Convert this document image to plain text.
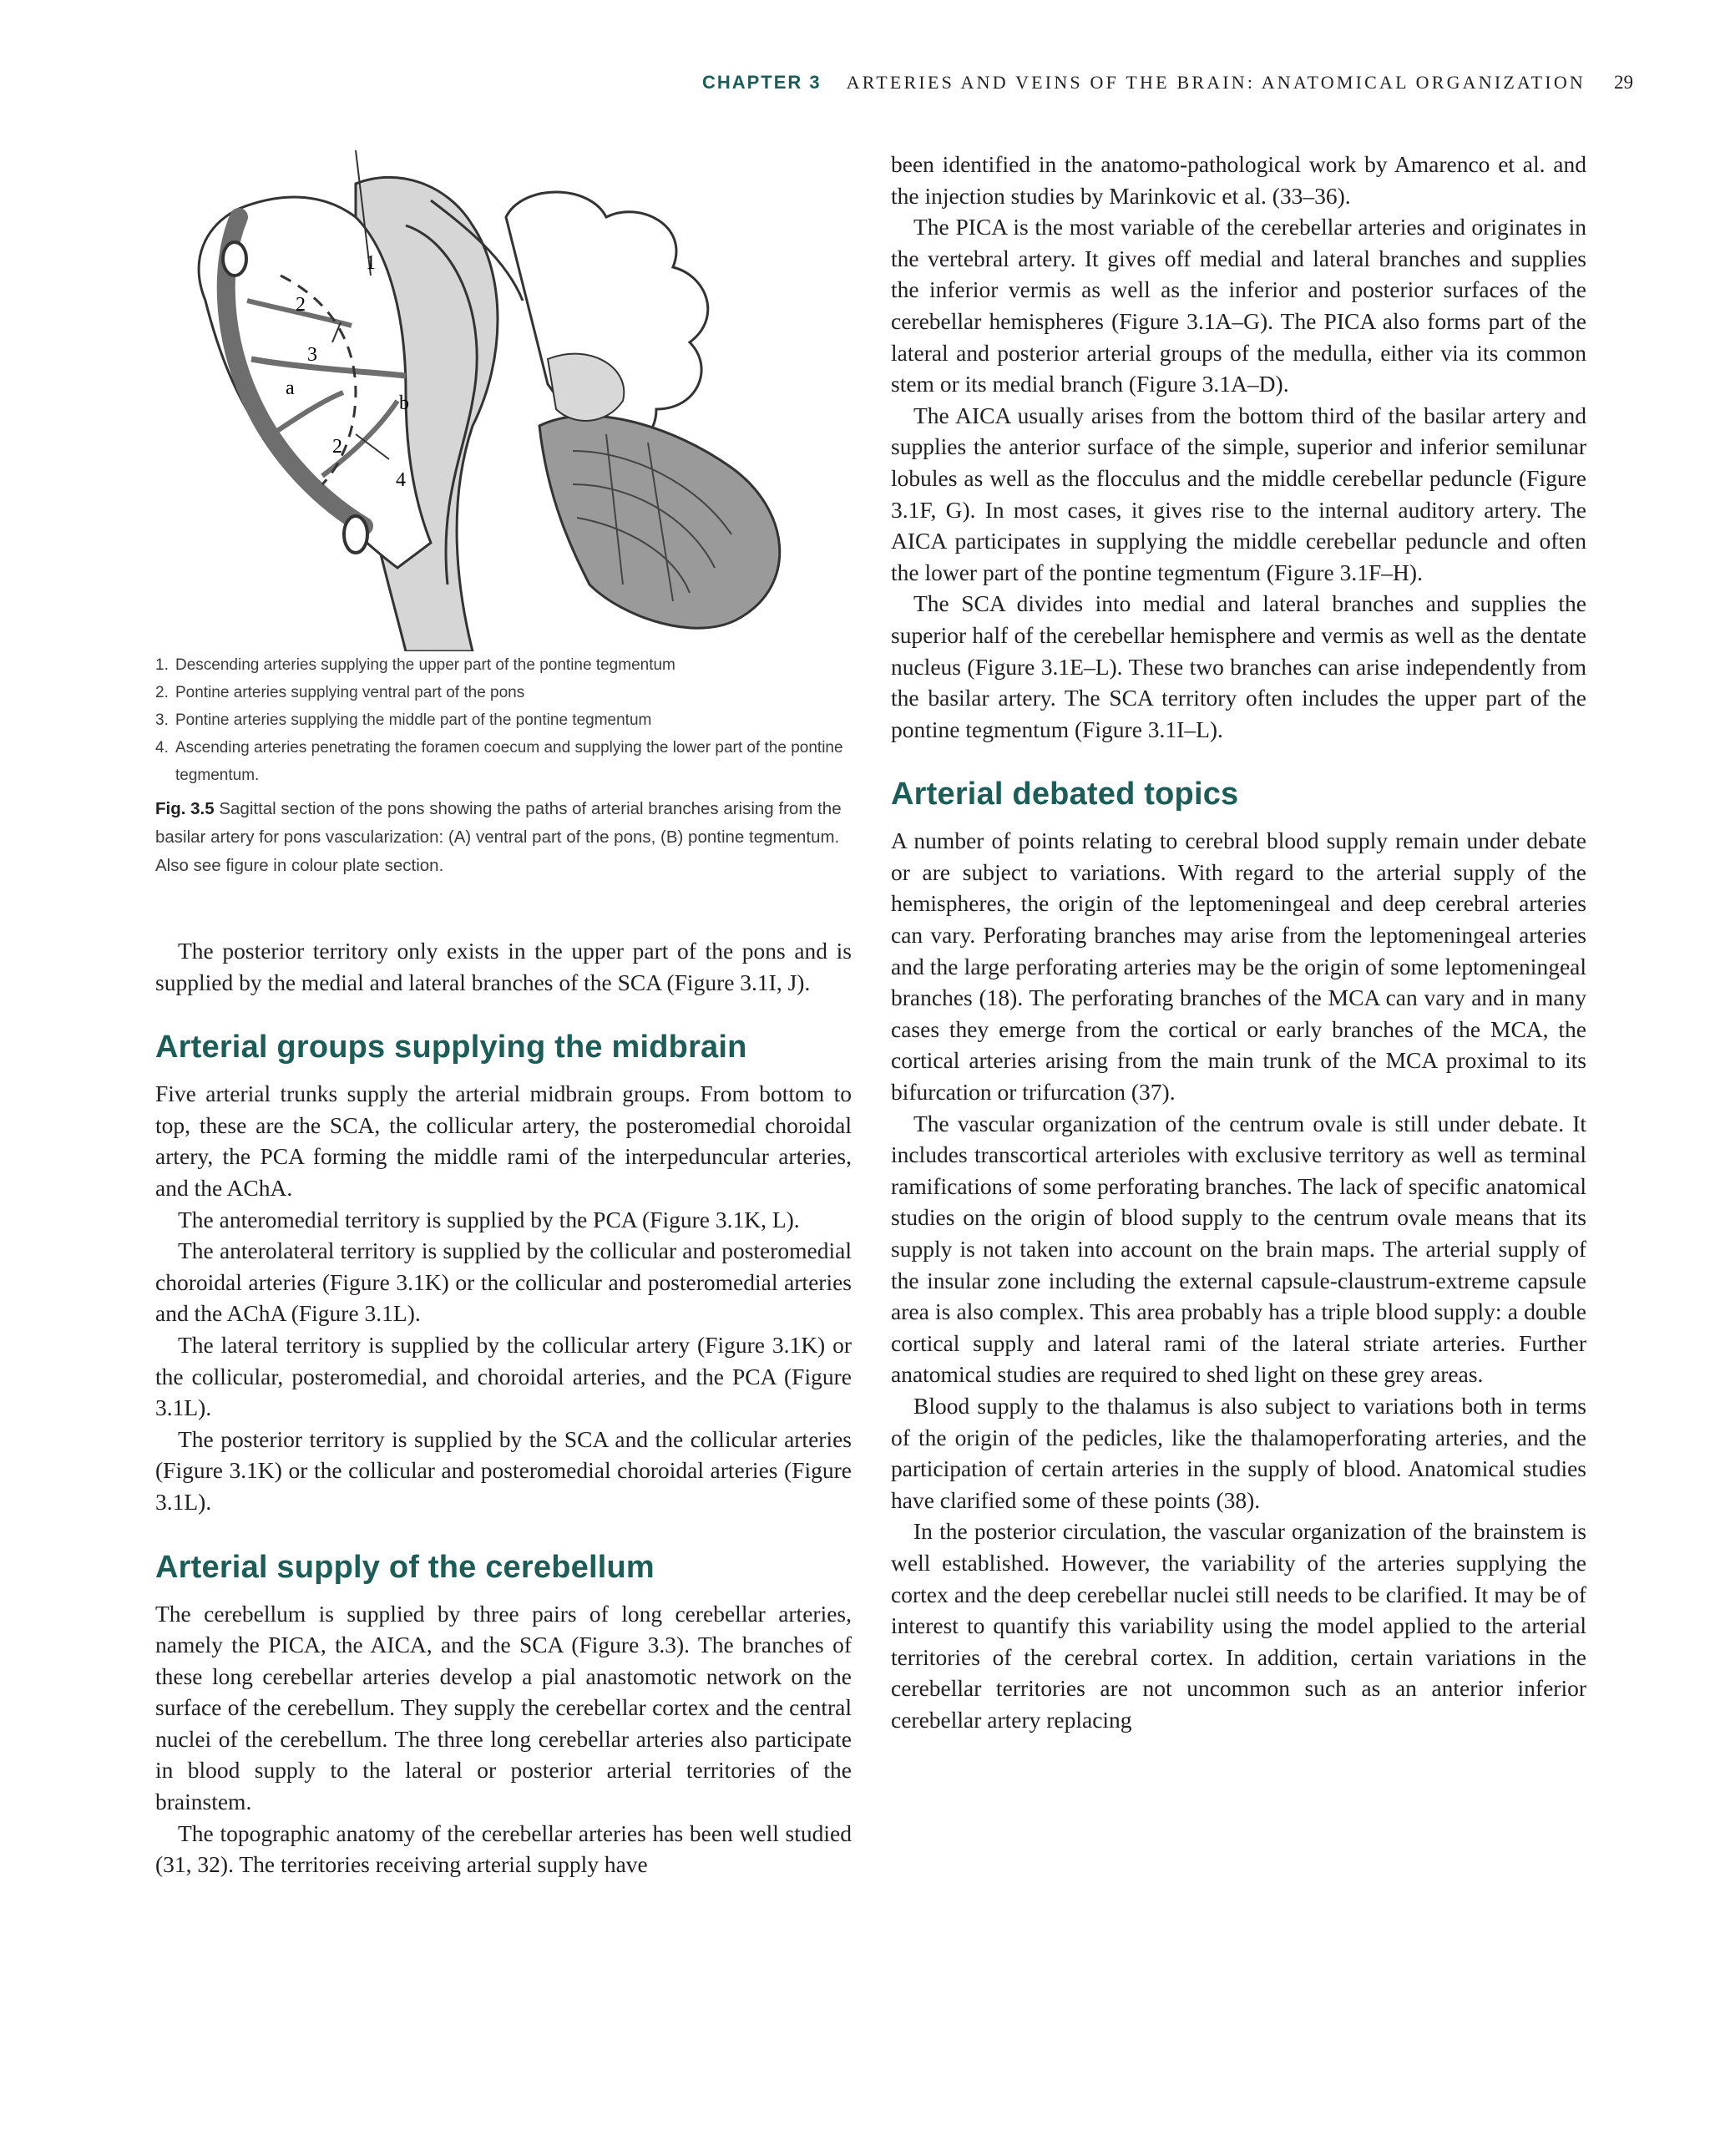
CHAPTER 3 ARTERIES AND VEINS OF THE BRAIN: ANATOMICAL ORGANIZATION 29
1
2
3
a
b
2
4
1. Descending arteries supplying the upper part of the pontine tegmentum
2. Pontine arteries supplying ventral part of the pons
3. Pontine arteries supplying the middle part of the pontine tegmentum
4. Ascending arteries penetrating the foramen coecum and supplying the lower part of the pontine tegmentum.
Fig. 3.5 Sagittal section of the pons showing the paths of arterial branches arising from the basilar artery for pons vascularization: (A) ventral part of the pons, (B) pontine tegmentum. Also see figure in colour plate section.

The posterior territory only exists in the upper part of the pons and is supplied by the medial and lateral branches of the SCA (Figure 3.1I, J).

Arterial groups supplying the midbrain

Five arterial trunks supply the arterial midbrain groups. From bottom to top, these are the SCA, the collicular artery, the posteromedial choroidal artery, the PCA forming the middle rami of the interpeduncular arteries, and the AChA.

The anteromedial territory is supplied by the PCA (Figure 3.1K, L).

The anterolateral territory is supplied by the collicular and posteromedial choroidal arteries (Figure 3.1K) or the collicular and posteromedial arteries and the AChA (Figure 3.1L).

The lateral territory is supplied by the collicular artery (Figure 3.1K) or the collicular, posteromedial, and choroidal arteries, and the PCA (Figure 3.1L).

The posterior territory is supplied by the SCA and the collicular arteries (Figure 3.1K) or the collicular and posteromedial choroidal arteries (Figure 3.1L).

Arterial supply of the cerebellum

The cerebellum is supplied by three pairs of long cerebellar arteries, namely the PICA, the AICA, and the SCA (Figure 3.3). The branches of these long cerebellar arteries develop a pial anastomotic network on the surface of the cerebellum. They supply the cerebellar cortex and the central nuclei of the cerebellum. The three long cerebellar arteries also participate in blood supply to the lateral or posterior arterial territories of the brainstem.

The topographic anatomy of the cerebellar arteries has been well studied (31, 32). The territories receiving arterial supply have

been identified in the anatomo-pathological work by Amarenco et al. and the injection studies by Marinkovic et al. (33–36).

The PICA is the most variable of the cerebellar arteries and originates in the vertebral artery. It gives off medial and lateral branches and supplies the inferior vermis as well as the inferior and posterior surfaces of the cerebellar hemispheres (Figure 3.1A–G). The PICA also forms part of the lateral and posterior arterial groups of the medulla, either via its common stem or its medial branch (Figure 3.1A–D).

The AICA usually arises from the bottom third of the basilar artery and supplies the anterior surface of the simple, superior and inferior semilunar lobules as well as the flocculus and the middle cerebellar peduncle (Figure 3.1F, G). In most cases, it gives rise to the internal auditory artery. The AICA participates in supplying the middle cerebellar peduncle and often the lower part of the pontine tegmentum (Figure 3.1F–H).

The SCA divides into medial and lateral branches and supplies the superior half of the cerebellar hemisphere and vermis as well as the dentate nucleus (Figure 3.1E–L). These two branches can arise independently from the basilar artery. The SCA territory often includes the upper part of the pontine tegmentum (Figure 3.1I–L).

Arterial debated topics

A number of points relating to cerebral blood supply remain under debate or are subject to variations. With regard to the arterial supply of the hemispheres, the origin of the leptomeningeal and deep cerebral arteries can vary. Perforating branches may arise from the leptomeningeal arteries and the large perforating arteries may be the origin of some leptomeningeal branches (18). The perforating branches of the MCA can vary and in many cases they emerge from the cortical or early branches of the MCA, the cortical arteries arising from the main trunk of the MCA proximal to its bifurcation or trifurcation (37).

The vascular organization of the centrum ovale is still under debate. It includes transcortical arterioles with exclusive territory as well as terminal ramifications of some perforating branches. The lack of specific anatomical studies on the origin of blood supply to the centrum ovale means that its supply is not taken into account on the brain maps. The arterial supply of the insular zone including the external capsule-claustrum-extreme capsule area is also complex. This area probably has a triple blood supply: a double cortical supply and lateral rami of the lateral striate arteries. Further anatomical studies are required to shed light on these grey areas.

Blood supply to the thalamus is also subject to variations both in terms of the origin of the pedicles, like the thalamoperforating arteries, and the participation of certain arteries in the supply of blood. Anatomical studies have clarified some of these points (38).

In the posterior circulation, the vascular organization of the brainstem is well established. However, the variability of the arteries supplying the cortex and the deep cerebellar nuclei still needs to be clarified. It may be of interest to quantify this variability using the model applied to the arterial territories of the cerebral cortex. In addition, certain variations in the cerebellar territories are not uncommon such as an anterior inferior cerebellar artery replacing
